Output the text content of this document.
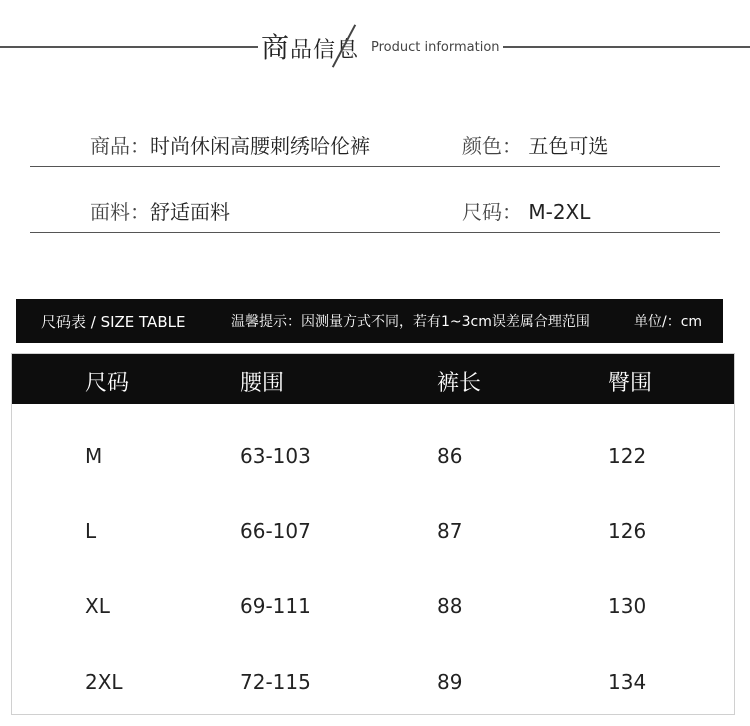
商品信息 Product information
商品：时尚休闲高腰刺绣哈伦裤	颜色： 五色可选
面料：舒适面料	尺码： M-2XL
尺码表 / SIZE TABLE	温馨提示：因测量方式不同，若有1~3cm误差属合理范围	单位/：cm
尺码	腰围	裤长	臀围
M	63-103	86	122
L	66-107	87	126
XL	69-111	88	130
2XL	72-115	89	134
